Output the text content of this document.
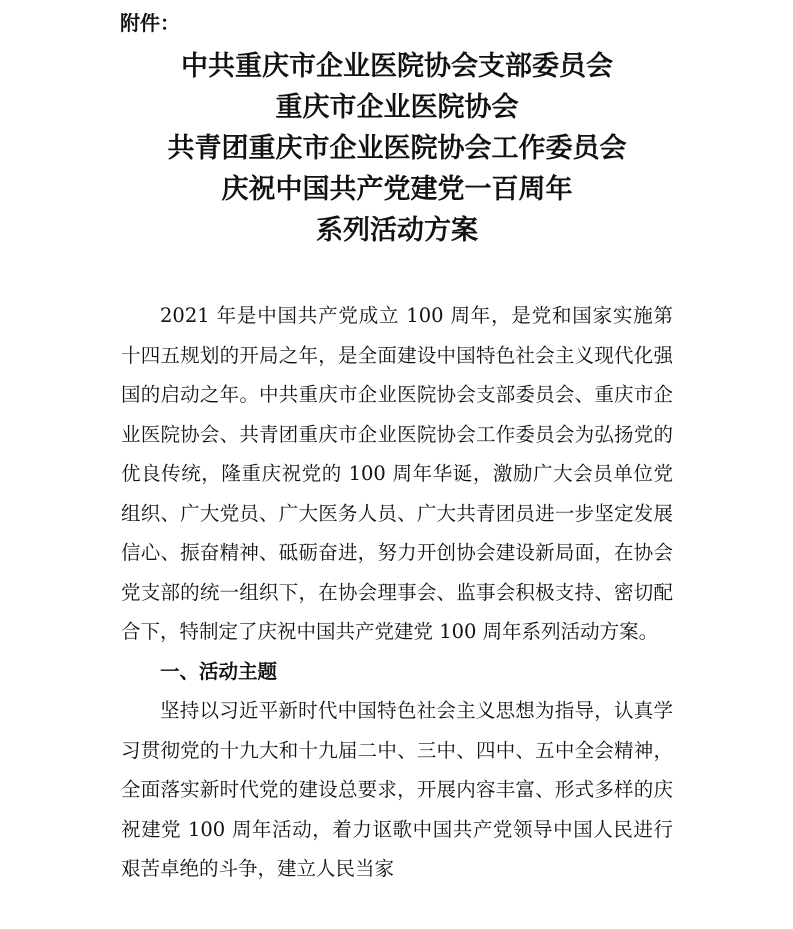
附件：
中共重庆市企业医院协会支部委员会
重庆市企业医院协会
共青团重庆市企业医院协会工作委员会
庆祝中国共产党建党一百周年
系列活动方案

2021 年是中国共产党成立 100 周年，是党和国家实施第十四五规划的开局之年，是全面建设中国特色社会主义现代化强国的启动之年。中共重庆市企业医院协会支部委员会、重庆市企业医院协会、共青团重庆市企业医院协会工作委员会为弘扬党的优良传统，隆重庆祝党的 100 周年华诞，激励广大会员单位党组织、广大党员、广大医务人员、广大共青团员进一步坚定发展信心、振奋精神、砥砺奋进，努力开创协会建设新局面，在协会党支部的统一组织下，在协会理事会、监事会积极支持、密切配合下，特制定了庆祝中国共产党建党 100 周年系列活动方案。

一、活动主题

坚持以习近平新时代中国特色社会主义思想为指导，认真学习贯彻党的十九大和十九届二中、三中、四中、五中全会精神，全面落实新时代党的建设总要求，开展内容丰富、形式多样的庆祝建党 100 周年活动，着力讴歌中国共产党领导中国人民进行艰苦卓绝的斗争，建立人民当家
